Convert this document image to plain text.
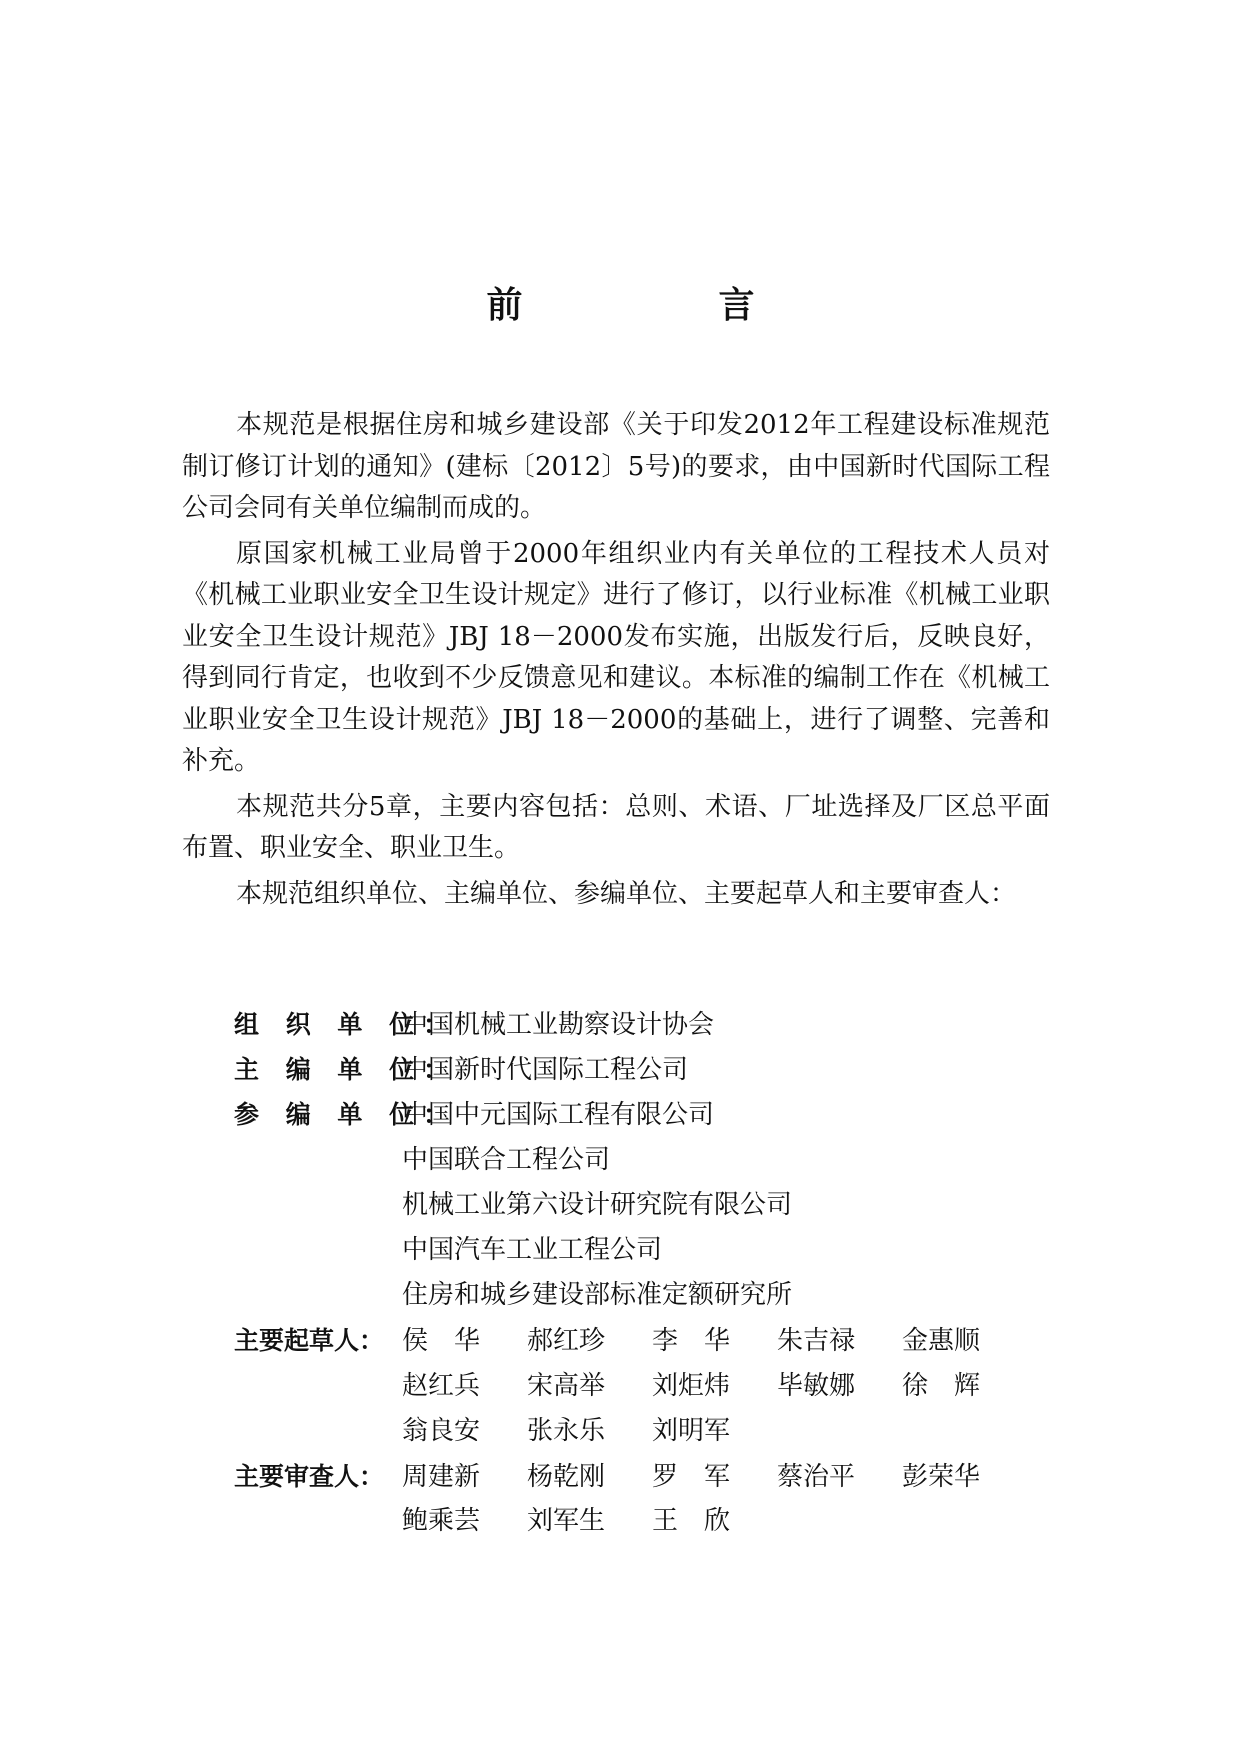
前　言

本规范是根据住房和城乡建设部《关于印发2012年工程建设标准规范制订修订计划的通知》(建标〔2012〕5号)的要求，由中国新时代国际工程公司会同有关单位编制而成的。

原国家机械工业局曾于2000年组织业内有关单位的工程技术人员对《机械工业职业安全卫生设计规定》进行了修订，以行业标准《机械工业职业安全卫生设计规范》JBJ 18－2000发布实施，出版发行后，反映良好，得到同行肯定，也收到不少反馈意见和建议。本标准的编制工作在《机械工业职业安全卫生设计规范》JBJ 18－2000的基础上，进行了调整、完善和补充。

本规范共分5章，主要内容包括：总则、术语、厂址选择及厂区总平面布置、职业安全、职业卫生。

本规范组织单位、主编单位、参编单位、主要起草人和主要审查人：

组 织 单 位：
中国机械工业勘察设计协会
主 编 单 位：
中国新时代国际工程公司
参 编 单 位：
中国中元国际工程有限公司
中国联合工程公司
机械工业第六设计研究院有限公司
中国汽车工业工程公司
住房和城乡建设部标准定额研究所
主要起草人： 侯　华	郝红珍	李　华	朱吉禄	金惠顺
赵红兵	宋高举	刘炬炜	毕敏娜	徐　辉
翁良安	张永乐	刘明军
主要审查人： 周建新	杨乾刚	罗　军	蔡治平	彭荣华
鲍乘芸	刘军生	王　欣
